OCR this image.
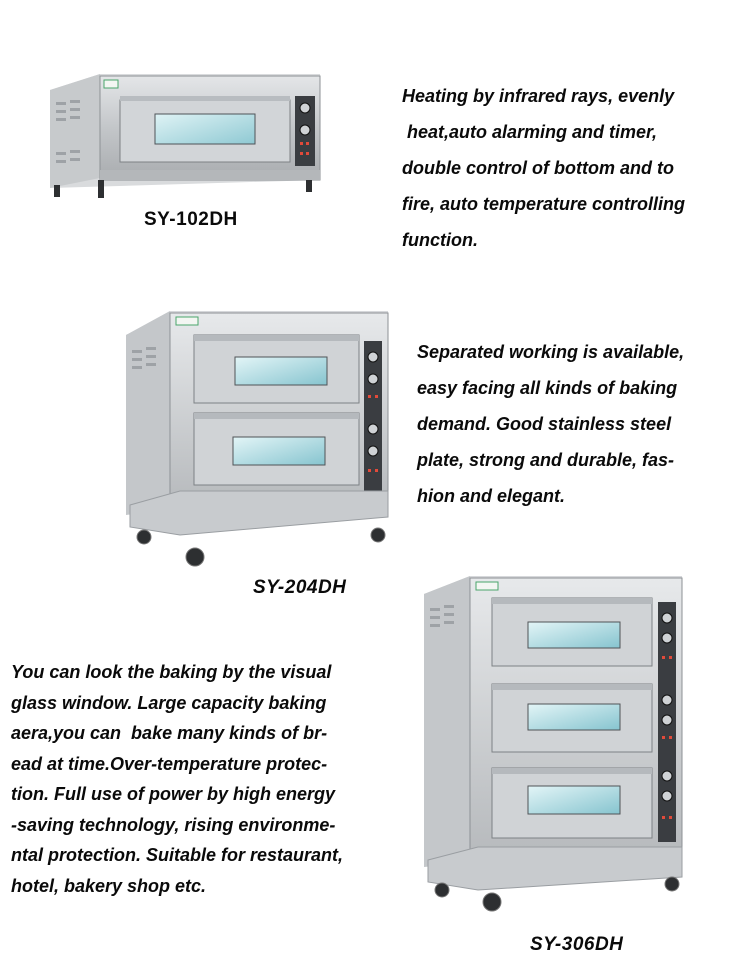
SY-102DH
Heating by infrared rays, evenly
heat,auto alarming and timer,
double control of bottom and to
fire, auto temperature controlling
function.
SY-204DH
Separated working is available,
easy facing all kinds of baking
demand. Good stainless steel
plate, strong and durable, fas-
hion and elegant.
SY-306DH
You can look the baking by the visual
glass window. Large capacity baking
aera,you can  bake many kinds of br-
ead at time.Over-temperature protec-
tion. Full use of power by high energy
-saving technology, rising environme-
ntal protection. Suitable for restaurant,
hotel, bakery shop etc.
